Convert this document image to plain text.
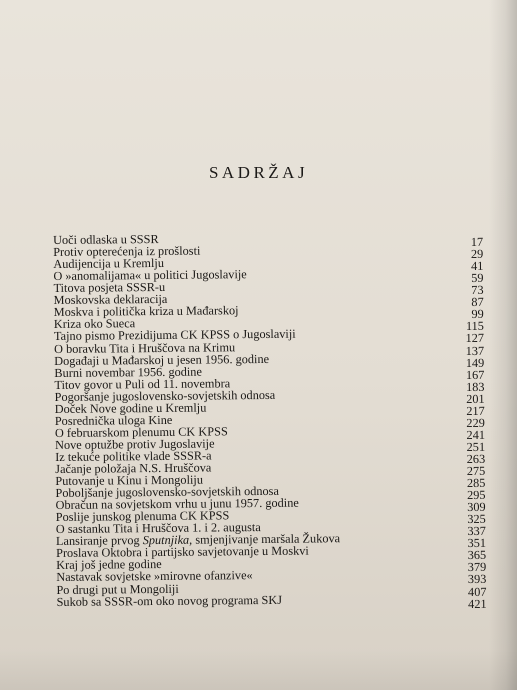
SADRŽAJ
Uoči odlaska u SSSR	17
Protiv opterećenja iz prošlosti	29
Audijencija u Kremlju	41
O »anomalijama« u politici Jugoslavije	59
Titova posjeta SSSR-u	73
Moskovska deklaracija	87
Moskva i politička kriza u Mađarskoj	99
Kriza oko Sueca	115
Tajno pismo Prezidijuma CK KPSS o Jugoslaviji	127
O boravku Tita i Hruščova na Krimu	137
Događaji u Mađarskoj u jesen 1956. godine	149
Burni novembar 1956. godine	167
Titov govor u Puli od 11. novembra	183
Pogoršanje jugoslovensko-sovjetskih odnosa	201
Doček Nove godine u Kremlju	217
Posrednička uloga Kine	229
O februarskom plenumu CK KPSS	241
Nove optužbe protiv Jugoslavije	251
Iz tekuće politike vlade SSSR-a	263
Jačanje položaja N.S. Hruščova	275
Putovanje u Kinu i Mongoliju	285
Poboljšanje jugoslovensko-sovjetskih odnosa	295
Obračun na sovjetskom vrhu u junu 1957. godine	309
Poslije junskog plenuma CK KPSS	325
O sastanku Tita i Hruščova 1. i 2. augusta	337
Lansiranje prvog Sputnjika, smjenjivanje maršala Žukova	351
Proslava Oktobra i partijsko savjetovanje u Moskvi	365
Kraj još jedne godine	379
Nastavak sovjetske »mirovne ofanzive«	393
Po drugi put u Mongoliji	407
Sukob sa SSSR-om oko novog programa SKJ	421
